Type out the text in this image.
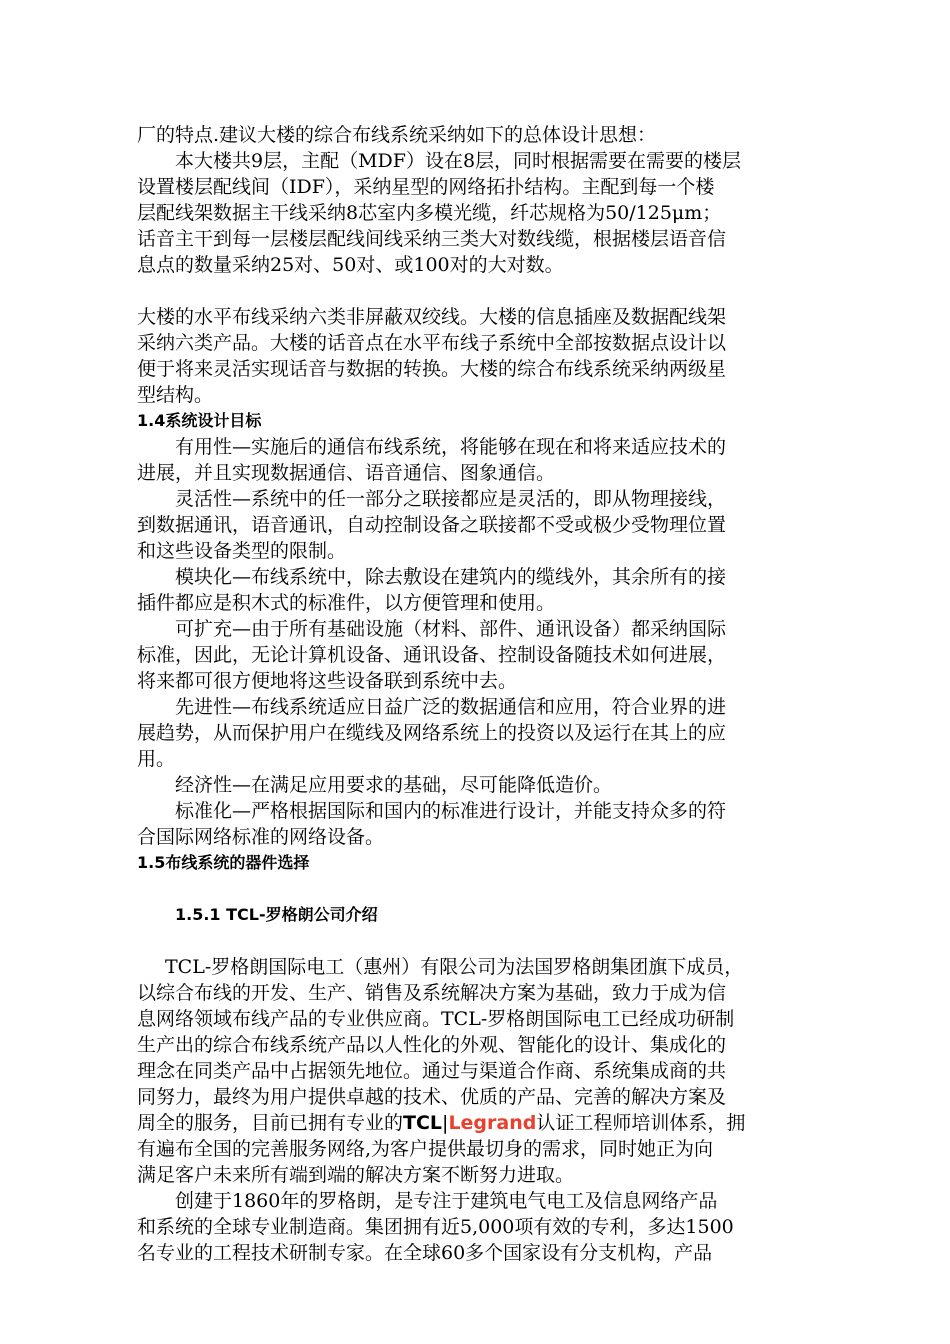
厂的特点.建议大楼的综合布线系统采纳如下的总体设计思想：
本大楼共9层，主配（MDF）设在8层，同时根据需要在需要的楼层
设置楼层配线间（IDF），采纳星型的网络拓扑结构。主配到每一个楼
层配线架数据主干线采纳8芯室内多模光缆，纤芯规格为50/125μm；
话音主干到每一层楼层配线间线采纳三类大对数线缆，根据楼层语音信
息点的数量采纳25对、50对、或100对的大对数。
大楼的水平布线采纳六类非屏蔽双绞线。大楼的信息插座及数据配线架
采纳六类产品。大楼的话音点在水平布线子系统中全部按数据点设计以
便于将来灵活实现话音与数据的转换。大楼的综合布线系统采纳两级星
型结构。
1.4系统设计目标
有用性—实施后的通信布线系统，将能够在现在和将来适应技术的
进展，并且实现数据通信、语音通信、图象通信。
灵活性—系统中的任一部分之联接都应是灵活的，即从物理接线，
到数据通讯，语音通讯，自动控制设备之联接都不受或极少受物理位置
和这些设备类型的限制。
模块化—布线系统中，除去敷设在建筑内的缆线外，其余所有的接
插件都应是积木式的标准件，以方便管理和使用。
可扩充—由于所有基础设施（材料、部件、通讯设备）都采纳国际
标准，因此，无论计算机设备、通讯设备、控制设备随技术如何进展，
将来都可很方便地将这些设备联到系统中去。
先进性—布线系统适应日益广泛的数据通信和应用，符合业界的进
展趋势，从而保护用户在缆线及网络系统上的投资以及运行在其上的应
用。
经济性—在满足应用要求的基础，尽可能降低造价。
标准化—严格根据国际和国内的标准进行设计，并能支持众多的符
合国际网络标准的网络设备。
1.5布线系统的器件选择
1.5.1 TCL-罗格朗公司介绍
TCL-罗格朗国际电工（惠州）有限公司为法国罗格朗集团旗下成员，
以综合布线的开发、生产、销售及系统解决方案为基础，致力于成为信
息网络领域布线产品的专业供应商。TCL-罗格朗国际电工已经成功研制
生产出的综合布线系统产品以人性化的外观、智能化的设计、集成化的
理念在同类产品中占据领先地位。通过与渠道合作商、系统集成商的共
同努力，最终为用户提供卓越的技术、优质的产品、完善的解决方案及
周全的服务，目前已拥有专业的TCL|Legrand认证工程师培训体系，拥
有遍布全国的完善服务网络,为客户提供最切身的需求，同时她正为向
满足客户未来所有端到端的解决方案不断努力进取。
创建于1860年的罗格朗，是专注于建筑电气电工及信息网络产品
和系统的全球专业制造商。集团拥有近5,000项有效的专利，多达1500
名专业的工程技术研制专家。在全球60多个国家设有分支机构，产品
